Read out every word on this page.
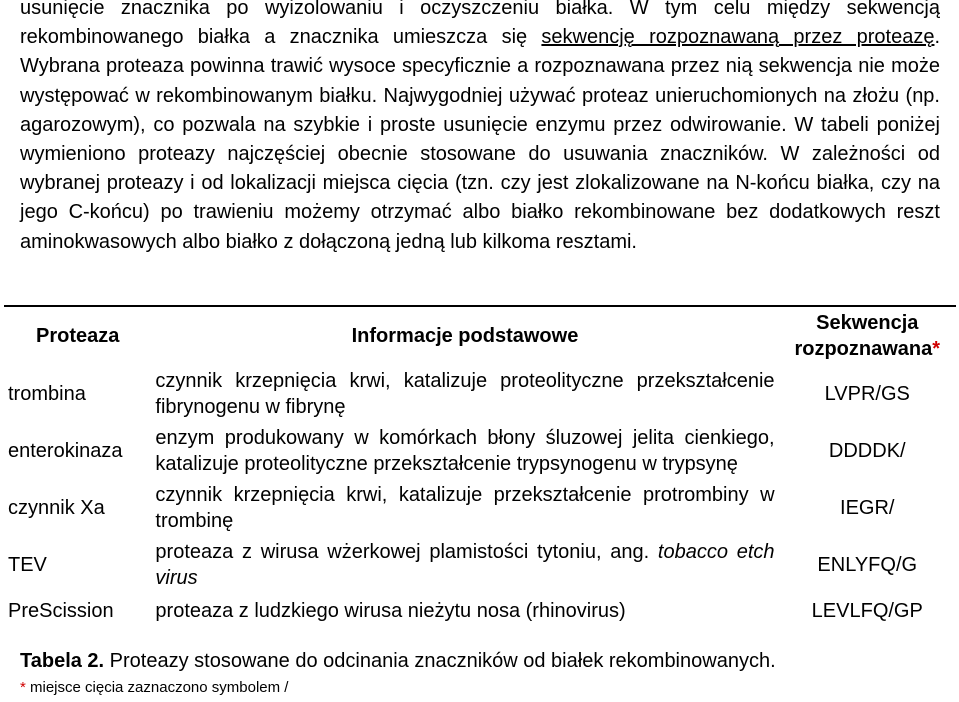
usunięcie znacznika po wyizolowaniu i oczyszczeniu białka. W tym celu między sekwencją
rekombinowanego białka a znacznika umieszcza się sekwencję rozpoznawaną przez proteazę.
Wybrana proteaza powinna trawić wysoce specyficznie a rozpoznawana przez nią sekwencja nie może
występować w rekombinowanym białku. Najwygodniej używać proteaz unieruchomionych na złożu (np.
agarozowym), co pozwala na szybkie i proste usunięcie enzymu przez odwirowanie. W tabeli poniżej
wymieniono proteazy najczęściej obecnie stosowane do usuwania znaczników. W zależności od
wybranej proteazy i od lokalizacji miejsca cięcia (tzn. czy jest zlokalizowane na N-końcu białka, czy na
jego C-końcu) po trawieniu możemy otrzymać albo białko rekombinowane bez dodatkowych reszt
aminokwasowych albo białko z dołączoną jedną lub kilkoma resztami.

Proteaza	Informacje podstawowe	Sekwencja
rozpoznawana*
trombina	czynnik krzepnięcia krwi, katalizuje proteolityczne przekształcenie fibrynogenu w fibrynę	LVPR/GS
enterokinaza	enzym produkowany w komórkach błony śluzowej jelita cienkiego, katalizuje proteolityczne przekształcenie trypsynogenu w trypsynę	DDDDK/
czynnik Xa	czynnik krzepnięcia krwi, katalizuje przekształcenie protrombiny w trombinę	IEGR/
TEV	proteaza z wirusa wżerkowej plamistości tytoniu, ang. tobacco etch virus	ENLYFQ/G
PreScission	proteaza z ludzkiego wirusa nieżytu nosa (rhinovirus)	LEVLFQ/GP
Tabela 2. Proteazy stosowane do odcinania znaczników od białek rekombinowanych.
* miejsce cięcia zaznaczono symbolem /
